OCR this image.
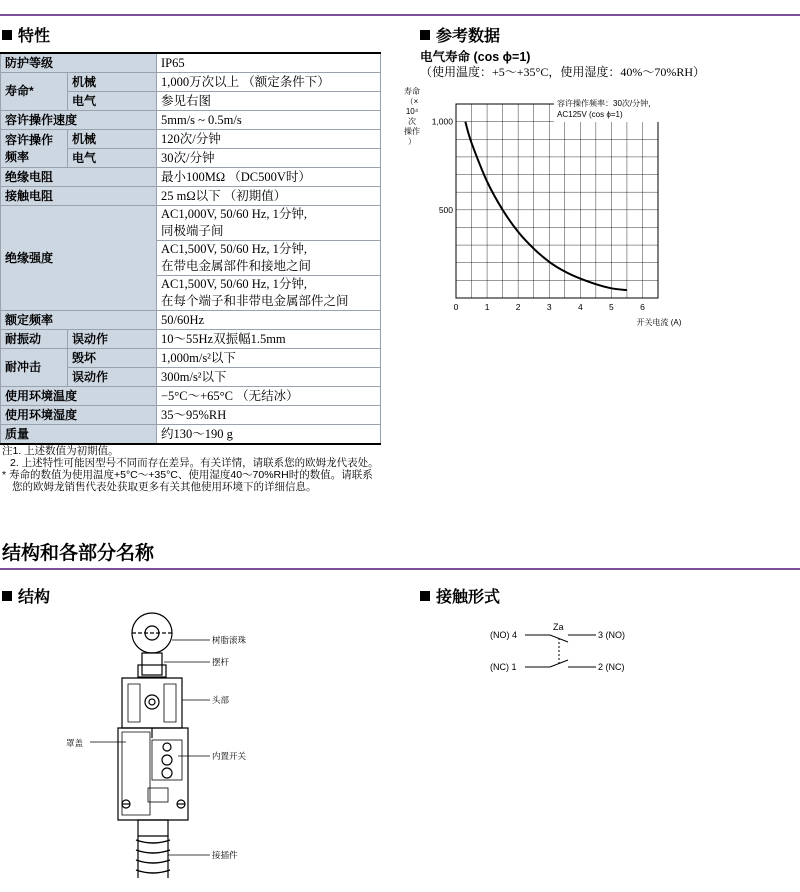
特性	参考数据
防护等级		IP65
寿命*	机械	1,000万次以上 （额定条件下）
	电气	参见右图
容许操作速度		5mm/s ~ 0.5m/s

容许操作
频率	机械	120次/分钟
	电气	30次/分钟
绝缘电阻		最小100MΩ （DC500V时）
接触电阻		25 mΩ以下 （初期值）
绝缘强度		AC1,000V, 50/60 Hz, 1分钟,
同极端子间

		AC1,500V, 50/60 Hz, 1分钟,
在带电金属部件和接地之间

		AC1,500V, 50/60 Hz, 1分钟,
在每个端子和非带电金属部件之间

额定频率		50/60Hz
耐振动	误动作	10～55Hz双振幅1.5mm
耐冲击	毁坏	1,000m/s²以下
	误动作	300m/s²以下
使用环境温度		−5°C～+65°C （无结冰）
使用环境湿度		35～95%RH
质量		约130～190 g
注1. 上述数值为初期值。
2. 上述特性可能因型号不同而存在差异。有关详情，请联系您的欧姆龙代表处。
* 寿命的数值为使用温度+5°C～+35°C、使用湿度40～70%RH时的数值。请联系
您的欧姆龙销售代表处获取更多有关其他使用环境下的详细信息。
电气寿命 (cos ϕ=1)
（使用温度：+5～+35°C，使用湿度：40%～70%RH）
寿命
（×
10⁴
次
操作
）
0	1	2	3	4	5	6
1,000
500
开关电流 (A)
容许操作频率：30次/分钟，
AC125V (cos ϕ=1)
结构和各部分名称
结构	接触形式
树脂滚珠
摆杆
头部
罩盖
内置开关
接插件
Za
(NO) 4	3 (NO)
(NC) 1	2 (NC)
